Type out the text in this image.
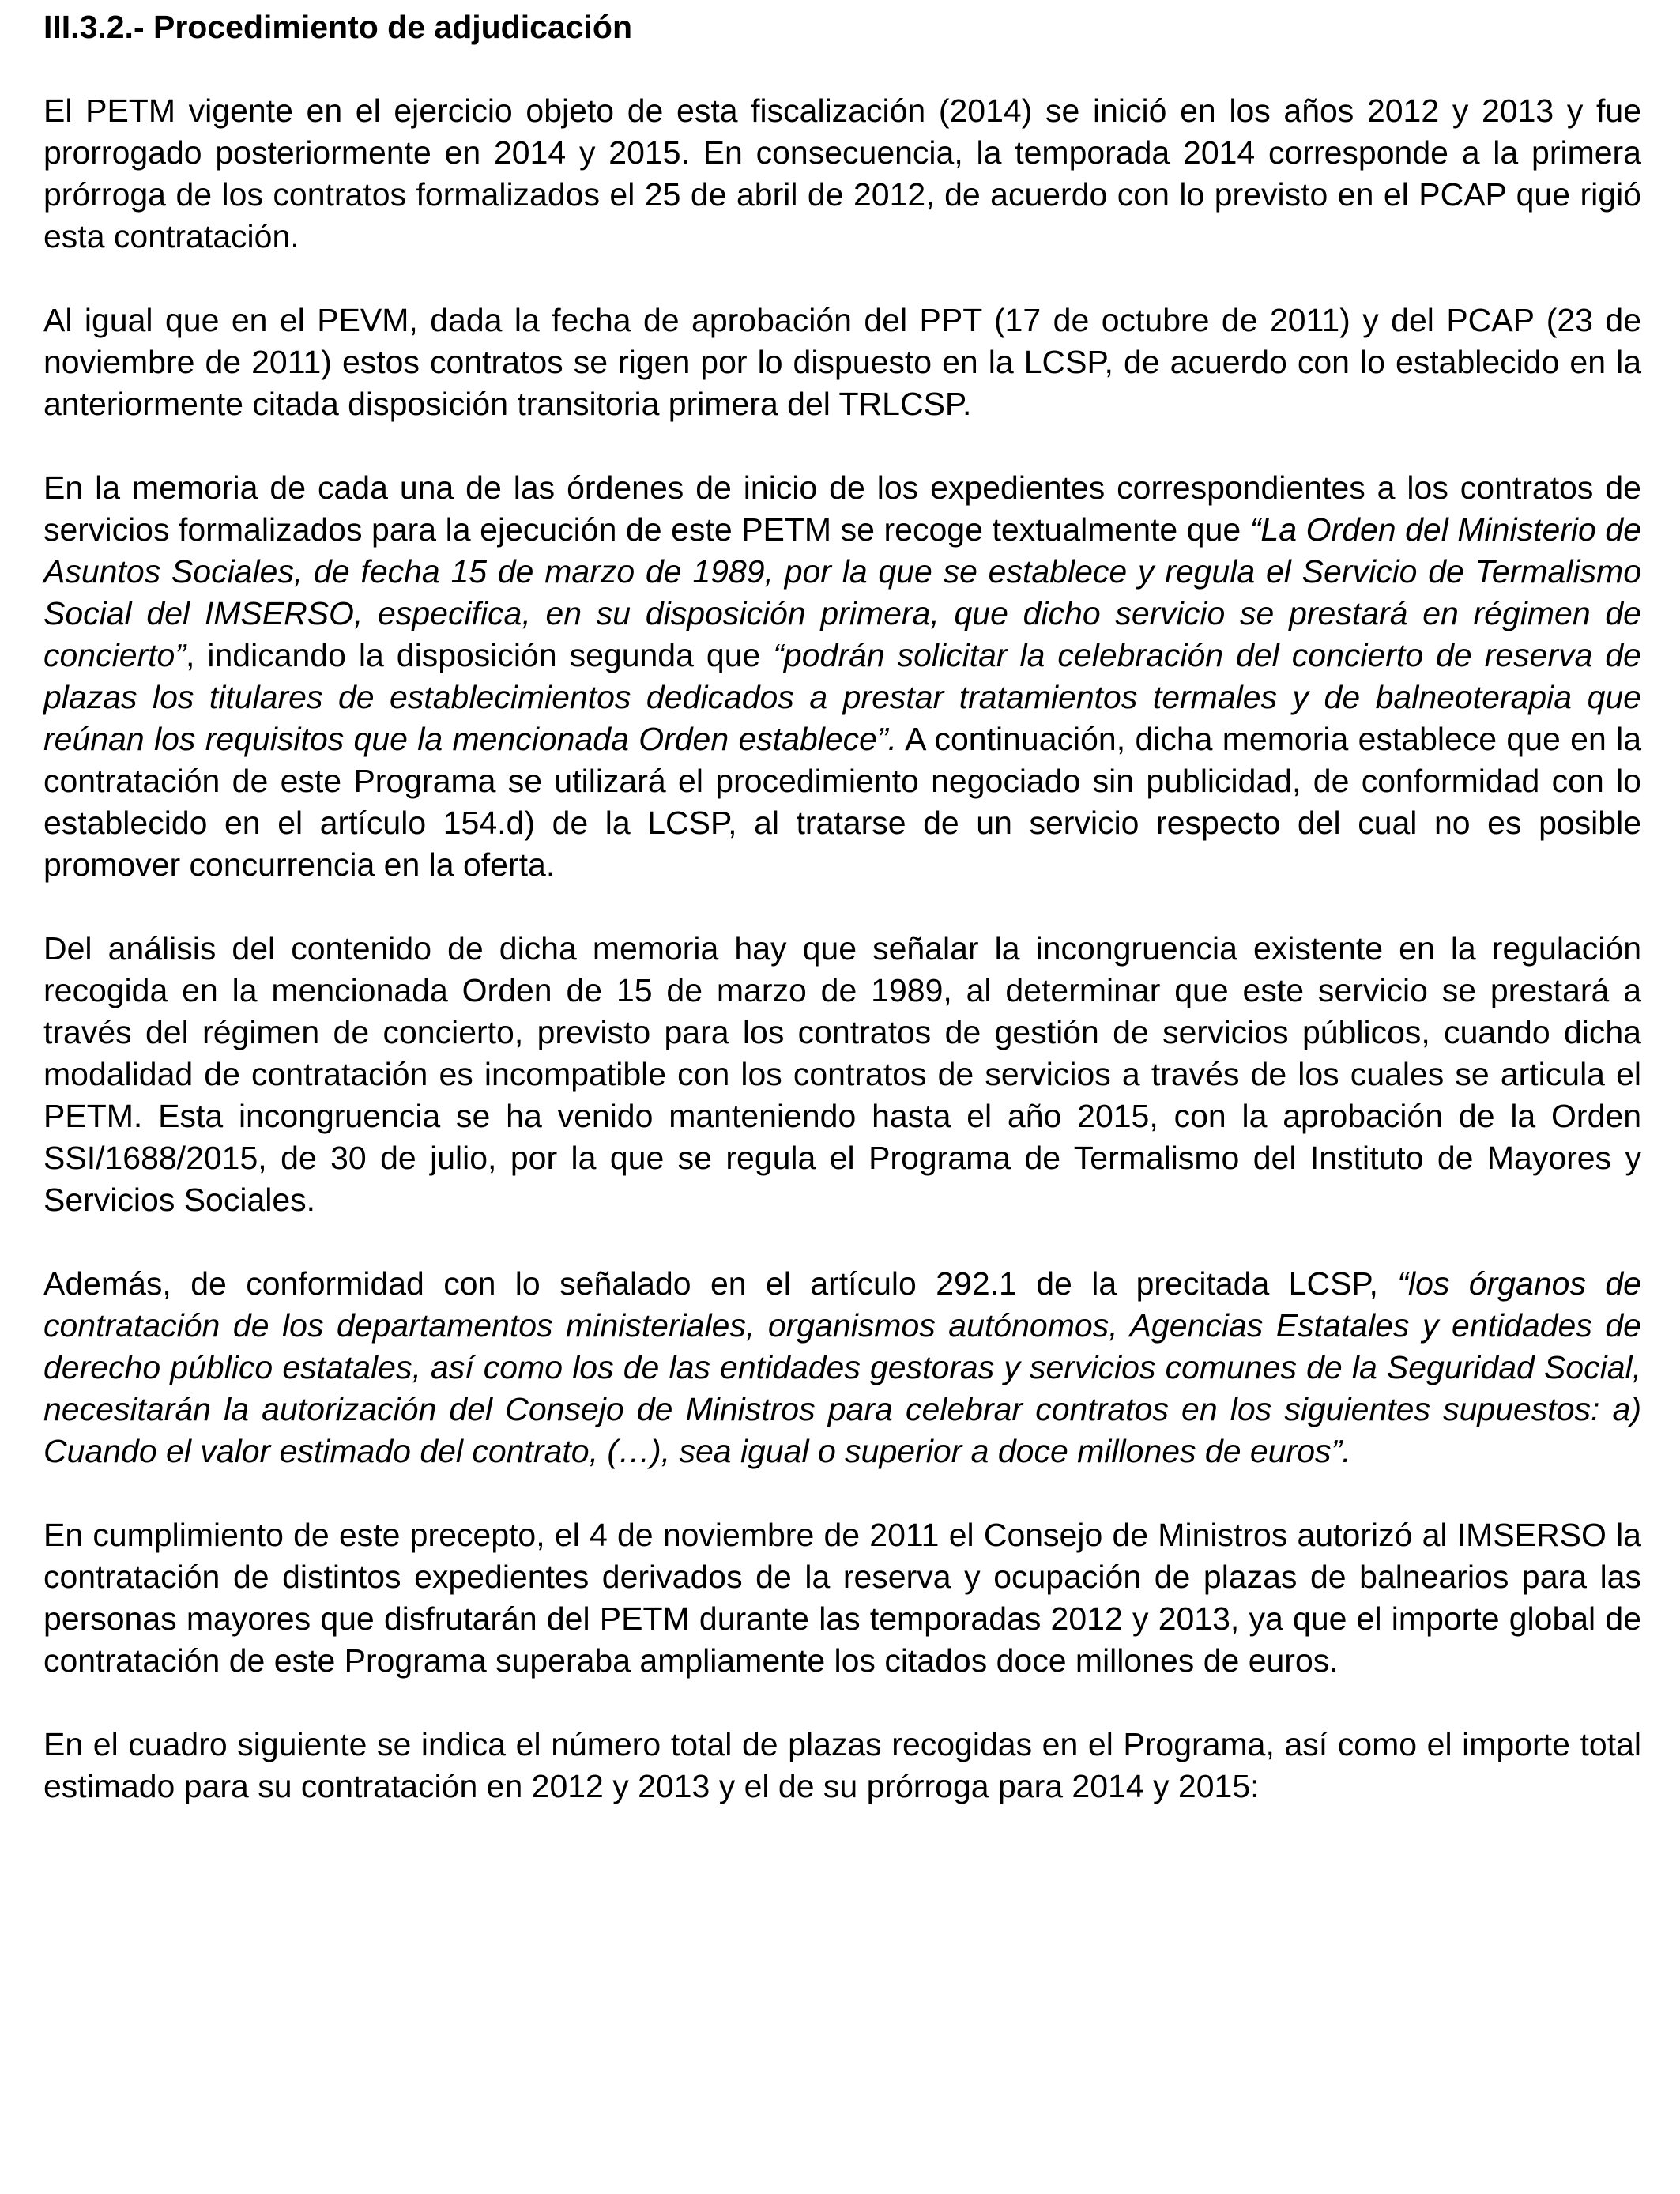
III.3.2.- Procedimiento de adjudicación

El PETM vigente en el ejercicio objeto de esta fiscalización (2014) se inició en los años 2012 y 2013 y fue prorrogado posteriormente en 2014 y 2015. En consecuencia, la temporada 2014 corresponde a la primera prórroga de los contratos formalizados el 25 de abril de 2012, de acuerdo con lo previsto en el PCAP que rigió esta contratación.

Al igual que en el PEVM, dada la fecha de aprobación del PPT (17 de octubre de 2011) y del PCAP (23 de noviembre de 2011) estos contratos se rigen por lo dispuesto en la LCSP, de acuerdo con lo establecido en la anteriormente citada disposición transitoria primera del TRLCSP.

En la memoria de cada una de las órdenes de inicio de los expedientes correspondientes a los contratos de servicios formalizados para la ejecución de este PETM se recoge textualmente que “La Orden del Ministerio de Asuntos Sociales, de fecha 15 de marzo de 1989, por la que se establece y regula el Servicio de Termalismo Social del IMSERSO, especifica, en su disposición primera, que dicho servicio se prestará en régimen de concierto”, indicando la disposición segunda que “podrán solicitar la celebración del concierto de reserva de plazas los titulares de establecimientos dedicados a prestar tratamientos termales y de balneoterapia que reúnan los requisitos que la mencionada Orden establece”. A continuación, dicha memoria establece que en la contratación de este Programa se utilizará el procedimiento negociado sin publicidad, de conformidad con lo establecido en el artículo 154.d) de la LCSP, al tratarse de un servicio respecto del cual no es posible promover concurrencia en la oferta.

Del análisis del contenido de dicha memoria hay que señalar la incongruencia existente en la regulación recogida en la mencionada Orden de 15 de marzo de 1989, al determinar que este servicio se prestará a través del régimen de concierto, previsto para los contratos de gestión de servicios públicos, cuando dicha modalidad de contratación es incompatible con los contratos de servicios a través de los cuales se articula el PETM. Esta incongruencia se ha venido manteniendo hasta el año 2015, con la aprobación de la Orden SSI/1688/2015, de 30 de julio, por la que se regula el Programa de Termalismo del Instituto de Mayores y Servicios Sociales.

Además, de conformidad con lo señalado en el artículo 292.1 de la precitada LCSP, “los órganos de contratación de los departamentos ministeriales, organismos autónomos, Agencias Estatales y entidades de derecho público estatales, así como los de las entidades gestoras y servicios comunes de la Seguridad Social, necesitarán la autorización del Consejo de Ministros para celebrar contratos en los siguientes supuestos: a) Cuando el valor estimado del contrato, (…), sea igual o superior a doce millones de euros”.

En cumplimiento de este precepto, el 4 de noviembre de 2011 el Consejo de Ministros autorizó al IMSERSO la contratación de distintos expedientes derivados de la reserva y ocupación de plazas de balnearios para las personas mayores que disfrutarán del PETM durante las temporadas 2012 y 2013, ya que el importe global de contratación de este Programa superaba ampliamente los citados doce millones de euros.

En el cuadro siguiente se indica el número total de plazas recogidas en el Programa, así como el importe total estimado para su contratación en 2012 y 2013 y el de su prórroga para 2014 y 2015:
